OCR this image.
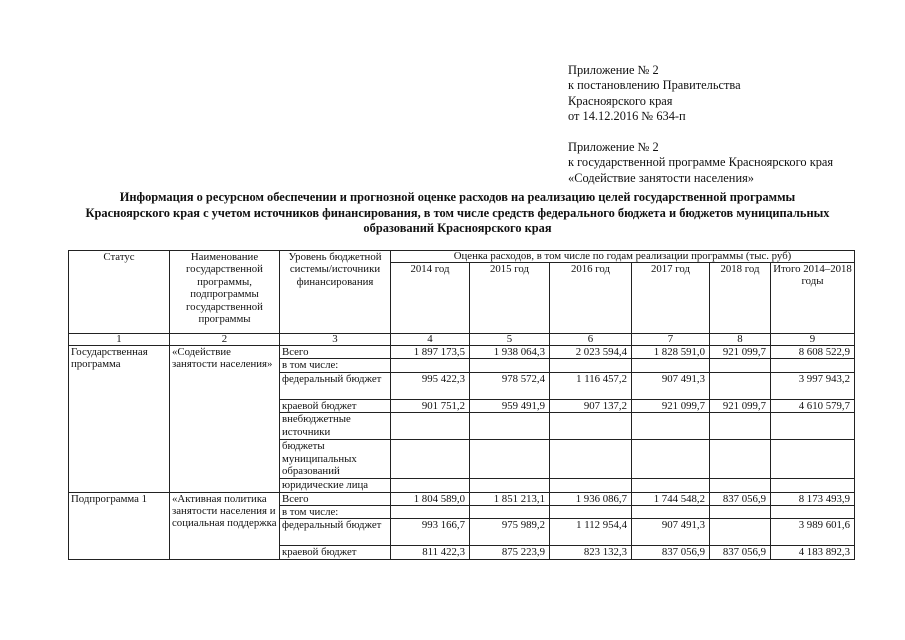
Приложение № 2
к постановлению Правительства
Красноярского края
от 14.12.2016 № 634-п
Приложение № 2
к государственной программе Красноярского края
«Содействие занятости населения»
Информация о ресурсном обеспечении и прогнозной оценке расходов на реализацию целей государственной программы
Красноярского края с учетом источников финансирования, в том числе средств федерального бюджета и бюджетов муниципальных
образований Красноярского края
Статус	Наименование государственной программы, подпрограммы государственной программы	Уровень бюджетной системы/источники финансирования	Оценка расходов, в том числе по годам реализации программы (тыс. руб)					
			2014 год	2015 год	2016 год	2017 год	2018 год	Итого 2014–2018 годы
1	2	3	4	5	6	7	8	9
Государственная программа	«Содействие занятости населения»	Всего	1 897 173,5	1 938 064,3	2 023 594,4	1 828 591,0	921 099,7	8 608 522,9
		в том числе:						
		федеральный бюджет	995 422,3	978 572,4	1 116 457,2	907 491,3		3 997 943,2
		краевой бюджет	901 751,2	959 491,9	907 137,2	921 099,7	921 099,7	4 610 579,7
		внебюджетные источники						
		бюджеты муниципальных образований						
		юридические лица						
Подпрограмма 1	«Активная политика занятости населения и социальная поддержка	Всего	1 804 589,0	1 851 213,1	1 936 086,7	1 744 548,2	837 056,9	8 173 493,9
		в том числе:						
		федеральный бюджет	993 166,7	975 989,2	1 112 954,4	907 491,3		3 989 601,6
		краевой бюджет	811 422,3	875 223,9	823 132,3	837 056,9	837 056,9	4 183 892,3
